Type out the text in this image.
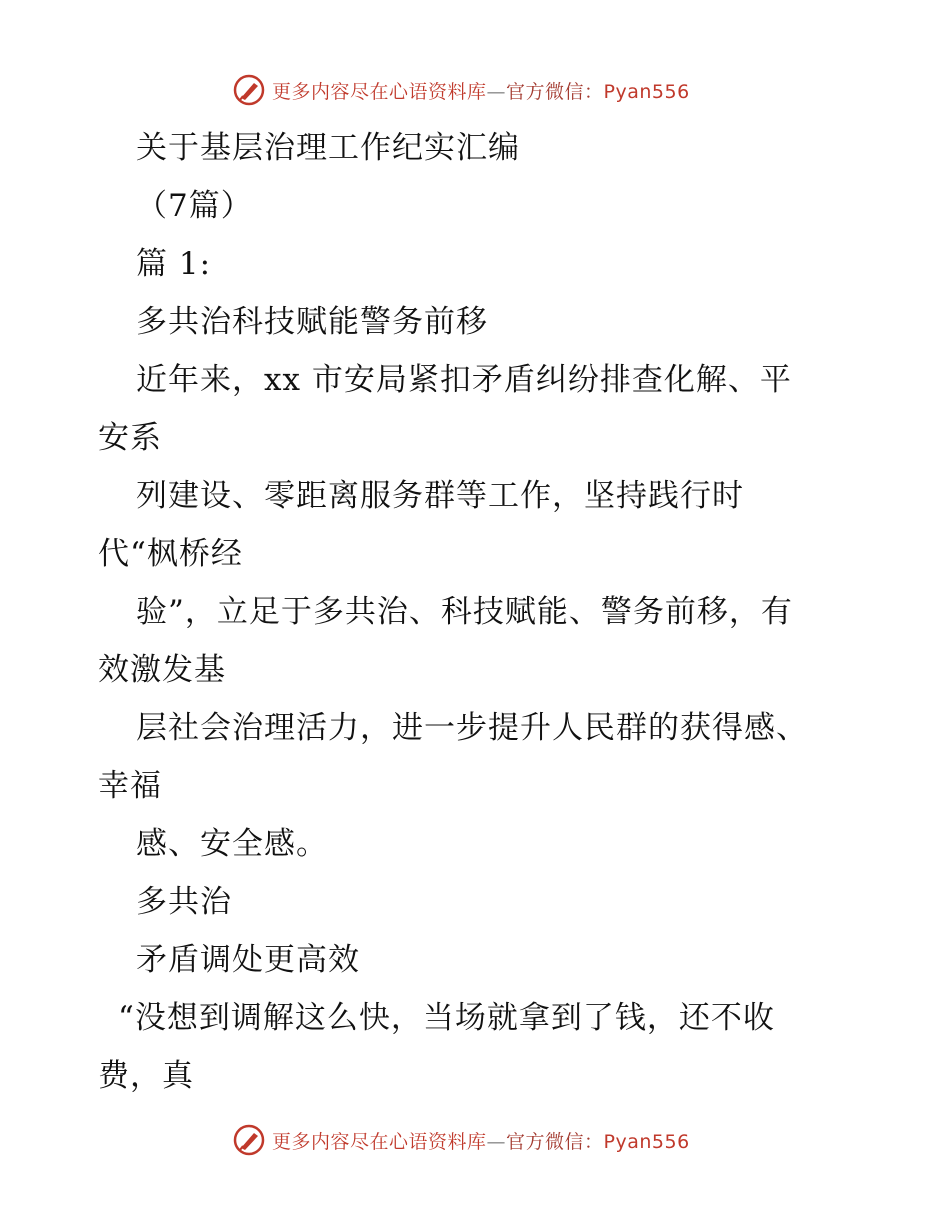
更多内容尽在心语资料库—官方微信：Pyan556
关于基层治理工作纪实汇编
（7篇）
篇 1:
多共治科技赋能警务前移
近年来，xx 市安局紧扣矛盾纠纷排查化解、平
安系
列建设、零距离服务群等工作，坚持践行时
代“枫桥经
验”，立足于多共治、科技赋能、警务前移，有
效激发基
层社会治理活力，进一步提升人民群的获得感、
幸福
感、安全感。
多共治
矛盾调处更高效
“没想到调解这么快，当场就拿到了钱，还不收
费，真
更多内容尽在心语资料库—官方微信：Pyan556
